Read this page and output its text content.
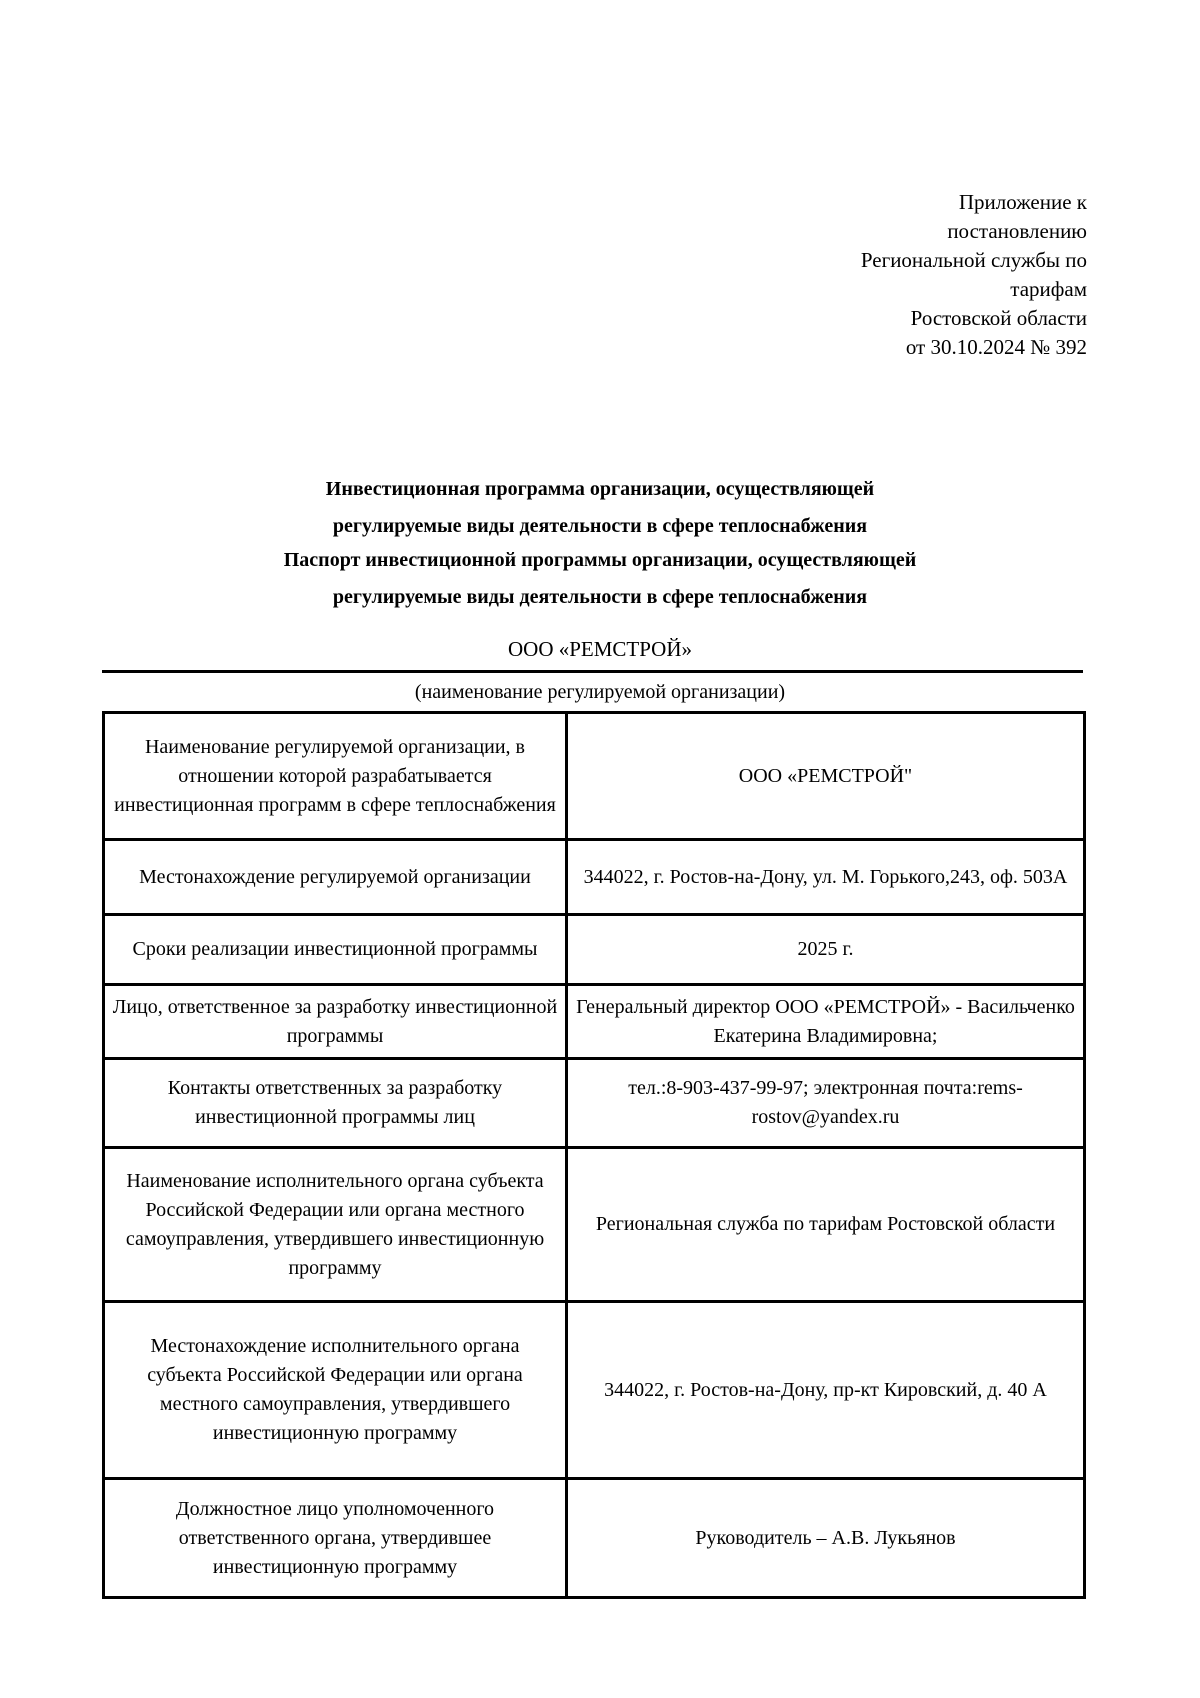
Приложение к
постановлению
Региональной службы по
тарифам
Ростовской области
от 30.10.2024 № 392
Инвестиционная программа организации, осуществляющей
регулируемые виды деятельности в сфере теплоснабжения
Паспорт инвестиционной программы организации, осуществляющей
регулируемые виды деятельности в сфере теплоснабжения
ООО «РЕМСТРОЙ»
(наименование регулируемой организации)
Наименование регулируемой организации, в отношении которой разрабатывается инвестиционная программ в сфере теплоснабжения	ООО «РЕМСТРОЙ"
Местонахождение регулируемой организации	344022, г. Ростов-на-Дону, ул. М. Горького,243, оф. 503А
Сроки реализации инвестиционной программы	2025 г.
Лицо, ответственное за разработку инвестиционной программы	Генеральный директор ООО «РЕМСТРОЙ» - Васильченко Екатерина Владимировна;
Контакты ответственных за разработку инвестиционной программы лиц	тел.:8-903-437-99-97; электронная почта:rems-rostov@yandex.ru
Наименование исполнительного органа субъекта Российской Федерации или органа местного самоуправления, утвердившего инвестиционную программу	Региональная служба по тарифам Ростовской области
Местонахождение исполнительного органа субъекта Российской Федерации или органа местного самоуправления, утвердившего инвестиционную программу	344022, г. Ростов-на-Дону, пр-кт Кировский, д. 40 А
Должностное лицо уполномоченного ответственного органа, утвердившее инвестиционную программу	Руководитель – А.В. Лукьянов
